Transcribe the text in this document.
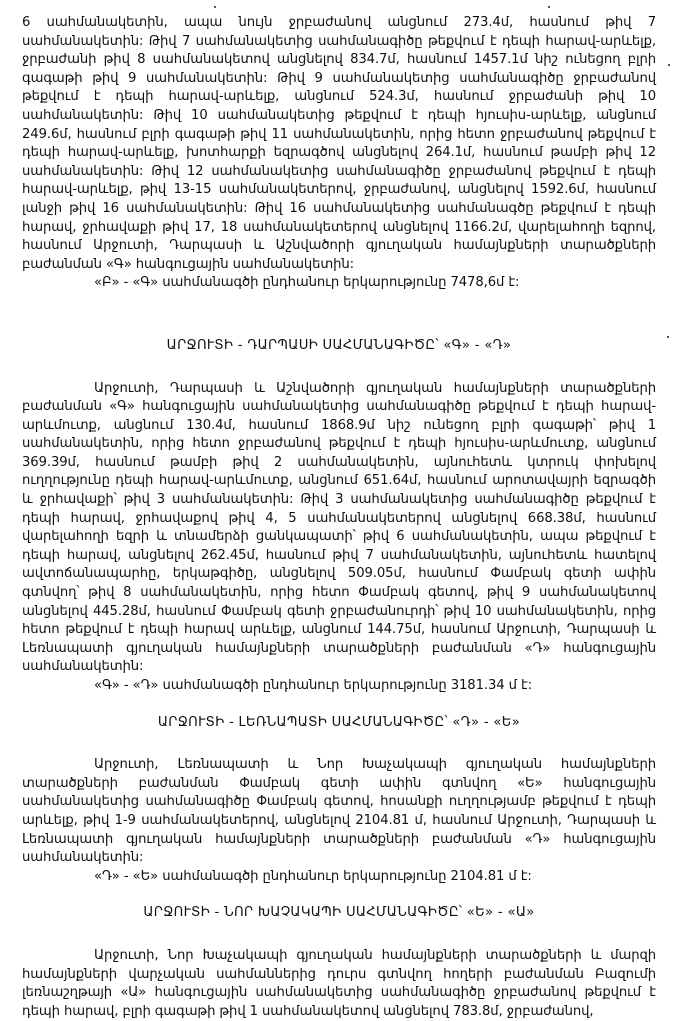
6 սահմանակետին, ապա նույն ջրբաժանով անցնում 273.4մ, հասնում թիվ 7 սահմանակետին: Թիվ 7 սահմանակետից սահմանագիծը թեքվում է դեպի հարավ-արևելք, ջրբաժանի թիվ 8 սահմանակետով անցնելով 834.7մ, հասնում 1457.1մ նիշ ունեցող բլրի գագաթի թիվ 9 սահմանակետին: Թիվ 9 սահմանակետից սահմանագիծը ջրբաժանով թեքվում է դեպի հարավ-արևելք, անցնում 524.3մ, հասնում ջրբաժանի թիվ 10 սահմանակետին: Թիվ 10 սահմանակետից թեքվում է դեպի հյուսիս-արևելք, անցնում 249.6մ, հասնում բլրի գագաթի թիվ 11 սահմանակետին, որից հետո ջրբաժանով թեքվում է դեպի հարավ-արևելք, խոտհարքի եզրագծով անցնելով 264.1մ, հասնում թամբի թիվ 12 սահմանակետին: Թիվ 12 սահմանակետից սահմանագիծը ջրբաժանով թեքվում է դեպի հարավ-արևելք, թիվ 13-15 սահմանակետերով, ջրբաժանով, անցնելով 1592.6մ, հասնում լանջի թիվ 16 սահմանակետին: Թիվ 16 սահմանակետից սահմանագծը թեքվում է դեպի հարավ, ջրհավաքի թիվ 17, 18 սահմանակետերով անցնելով 1166.2մ, վարելահողի եզրով, հասնում Արջուտի, Դարպասի և Աշնվածորի գյուղական համայնքների տարածքների բաժանման «Գ» հանգուցային սահմանակետին:

«Բ» - «Գ» սահմանագծի ընդհանուր երկարությունը 7478,6մ է:

ԱՐՋՈՒՏԻ - ԴԱՐՊԱՍԻ ՍԱՀՄԱՆԱԳԻԾԸ՝ «Գ» - «Դ»

Արջուտի, Դարպասի և Աշնվածորի գյուղական համայնքների տարածքների բաժանման «Գ» հանգուցային սահմանակետից սահմանագիծը թեքվում է դեպի հարավ-արևմուտք, անցնում 130.4մ, հասնում 1868.9մ նիշ ունեցող բլրի գագաթի՝ թիվ 1 սահմանակետին, որից հետո ջրբաժանով թեքվում է դեպի հյուսիս-արևմուտք, անցնում 369.39մ, հասնում թամբի թիվ 2 սահմանակետին, այնուհետև կտրուկ փոխելով ուղղությունը դեպի հարավ-արևմուտք, անցնում 651.64մ, հասնում արոտավայրի եզրագծի և ջրհավաքի՝ թիվ 3 սահմանակետին: Թիվ 3 սահմանակետից սահմանագիծը թեքվում է դեպի հարավ, ջրհավաքով թիվ 4, 5 սահմանակետերով անցնելով 668.38մ, հասնում վարելահողի եզրի և տնամերձի ցանկապատի՝ թիվ 6 սահմանակետին, ապա թեքվում է դեպի հարավ, անցնելով 262.45մ, հասնում թիվ 7 սահմանակետին, այնուհետև հատելով ավտոճանապարհը, երկաթգիծը, անցնելով 509.05մ, հասնում Փամբակ գետի ափին գտնվող՝ թիվ 8 սահմանակետին, որից հետո Փամբակ գետով, թիվ 9 սահմանակետով անցնելով 445.28մ, հասնում Փամբակ գետի ջրբաժանուրդի՝ թիվ 10 սահմանակետին, որից հետո թեքվում է դեպի հարավ արևելք, անցնում 144.75մ, հասնում Արջուտի, Դարպասի և Լեռնապատի գյուղական համայնքների տարածքների բաժանման «Դ» հանգուցային սահմանակետին:

«Գ» - «Դ» սահմանագծի ընդհանուր երկարությունը 3181.34 մ է:

ԱՐՋՈՒՏԻ - ԼԵՌՆԱՊԱՏԻ ՍԱՀՄԱՆԱԳԻԾԸ՝ «Դ» - «Ե»

Արջուտի, Լեռնապատի և Նոր Խաչակապի գյուղական համայնքների տարածքների բաժանման Փամբակ գետի ափին գտնվող «Ե» հանգուցային սահմանակետից սահմանագիծը Փամբակ գետով, հոսանքի ուղղությամբ թեքվում է դեպի արևելք, թիվ 1-9 սահմանակետերով, անցնելով 2104.81 մ, հասնում Արջուտի, Դարպասի և Լեռնապատի գյուղական համայնքների տարածքների բաժանման «Դ» հանգուցային սահմանակետին:

«Դ» - «Ե» սահմանագծի ընդհանուր երկարությունը 2104.81 մ է:

ԱՐՋՈՒՏԻ - ՆՈՐ ԽԱՉԱԿԱՊԻ ՍԱՀՄԱՆԱԳԻԾԸ՝ «Ե» - «Ա»

Արջուտի, Նոր Խաչակապի գյուղական համայնքների տարածքների և մարզի համայնքների վարչական սահմաններից դուրս գտնվող հողերի բաժանման Բազումի լեռնաշղթայի «Ա» հանգուցային սահմանակետից սահմանագիծը ջրբաժանով թեքվում է դեպի հարավ, բլրի գագաթի թիվ 1 սահմանակետով անցնելով 783.8մ, ջրբաժանով,
